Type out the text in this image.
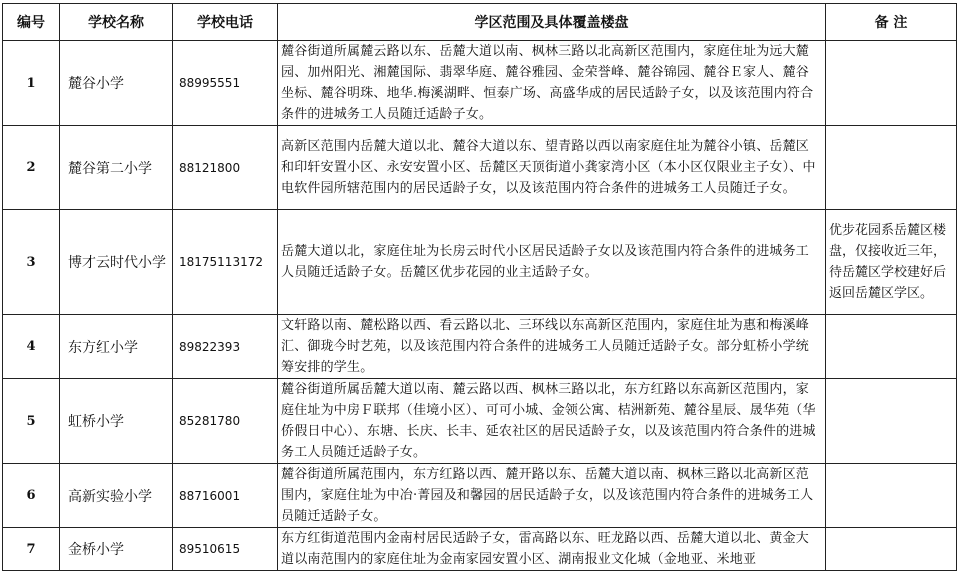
编号	学校名称	学校电话	学区范围及具体覆盖楼盘	备 注
1	麓谷小学	88995551	麓谷街道所属麓云路以东、岳麓大道以南、枫林三路以北高新区范围内，家庭住址为远大麓园、加州阳光、湘麓国际、翡翠华庭、麓谷雅园、金荣誉峰、麓谷锦园、麓谷Ｅ家人、麓谷坐标、麓谷明珠、地华.梅溪湖畔、恒泰广场、高盛华成的居民适龄子女，以及该范围内符合条件的进城务工人员随迁适龄子女。	
2	麓谷第二小学	88121800	高新区范围内岳麓大道以北、麓谷大道以东、望青路以西以南家庭住址为麓谷小镇、岳麓区和印轩安置小区、永安安置小区、岳麓区天顶街道小龚家湾小区（本小区仅限业主子女）、中电软件园所辖范围内的居民适龄子女，以及该范围内符合条件的进城务工人员随迁子女。	
3	博才云时代小学	18175113172	岳麓大道以北，家庭住址为长房云时代小区居民适龄子女以及该范围内符合条件的进城务工人员随迁适龄子女。岳麓区优步花园的业主适龄子女。	优步花园系岳麓区楼盘，仅接收近三年，待岳麓区学校建好后返回岳麓区学区。
4	东方红小学	89822393	文轩路以南、麓松路以西、看云路以北、三环线以东高新区范围内，家庭住址为惠和梅溪峰汇、御珑今时艺苑，以及该范围内符合条件的进城务工人员随迁适龄子女。部分虹桥小学统筹安排的学生。	
5	虹桥小学	85281780	麓谷街道所属岳麓大道以南、麓云路以西、枫林三路以北，东方红路以东高新区范围内，家庭住址为中房Ｆ联邦（佳境小区）、可可小城、金领公寓、桔洲新苑、麓谷星辰、晟华苑（华侨假日中心）、东塘、长庆、长丰、延农社区的居民适龄子女，以及该范围内符合条件的进城务工人员随迁适龄子女。	
6	高新实验小学	88716001	麓谷街道所属范围内，东方红路以西、麓开路以东、岳麓大道以南、枫林三路以北高新区范围内，家庭住址为中冶·菁园及和馨园的居民适龄子女，以及该范围内符合条件的进城务工人员随迁适龄子女。	
7	金桥小学	89510615	东方红街道范围内金南村居民适龄子女，雷高路以东、旺龙路以西、岳麓大道以北、黄金大道以南范围内的家庭住址为金南家园安置小区、湖南报业文化城（金地亚、米地亚	
